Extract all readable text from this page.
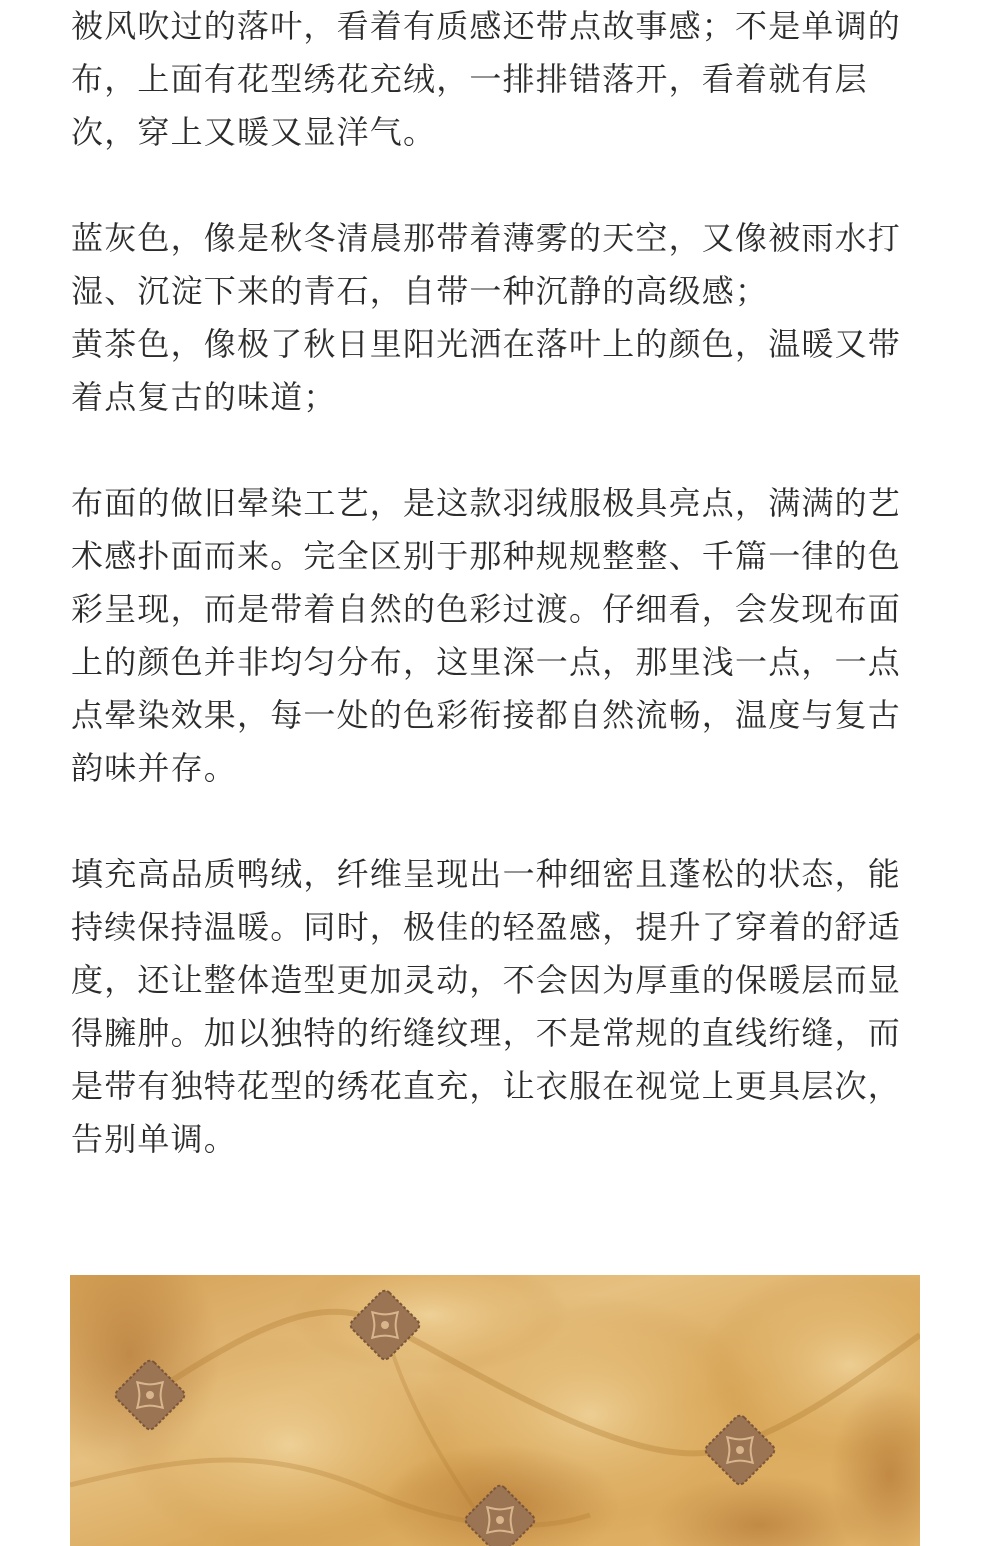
被风吹过的落叶，看着有质感还带点故事感；不是单调的
布，上面有花型绣花充绒，一排排错落开，看着就有层
次，穿上又暖又显洋气。

蓝灰色，像是秋冬清晨那带着薄雾的天空，又像被雨水打
湿、沉淀下来的青石，自带一种沉静的高级感；
黄茶色，像极了秋日里阳光洒在落叶上的颜色，温暖又带
着点复古的味道；

布面的做旧晕染工艺，是这款羽绒服极具亮点，满满的艺
术感扑面而来。完全区别于那种规规整整、千篇一律的色
彩呈现，而是带着自然的色彩过渡。仔细看，会发现布面
上的颜色并非均匀分布，这里深一点，那里浅一点，一点
点晕染效果，每一处的色彩衔接都自然流畅，温度与复古
韵味并存。

填充高品质鸭绒，纤维呈现出一种细密且蓬松的状态，能
持续保持温暖。同时，极佳的轻盈感，提升了穿着的舒适
度，还让整体造型更加灵动，不会因为厚重的保暖层而显
得臃肿。加以独特的绗缝纹理，不是常规的直线绗缝，而
是带有独特花型的绣花直充，让衣服在视觉上更具层次，
告别单调。
